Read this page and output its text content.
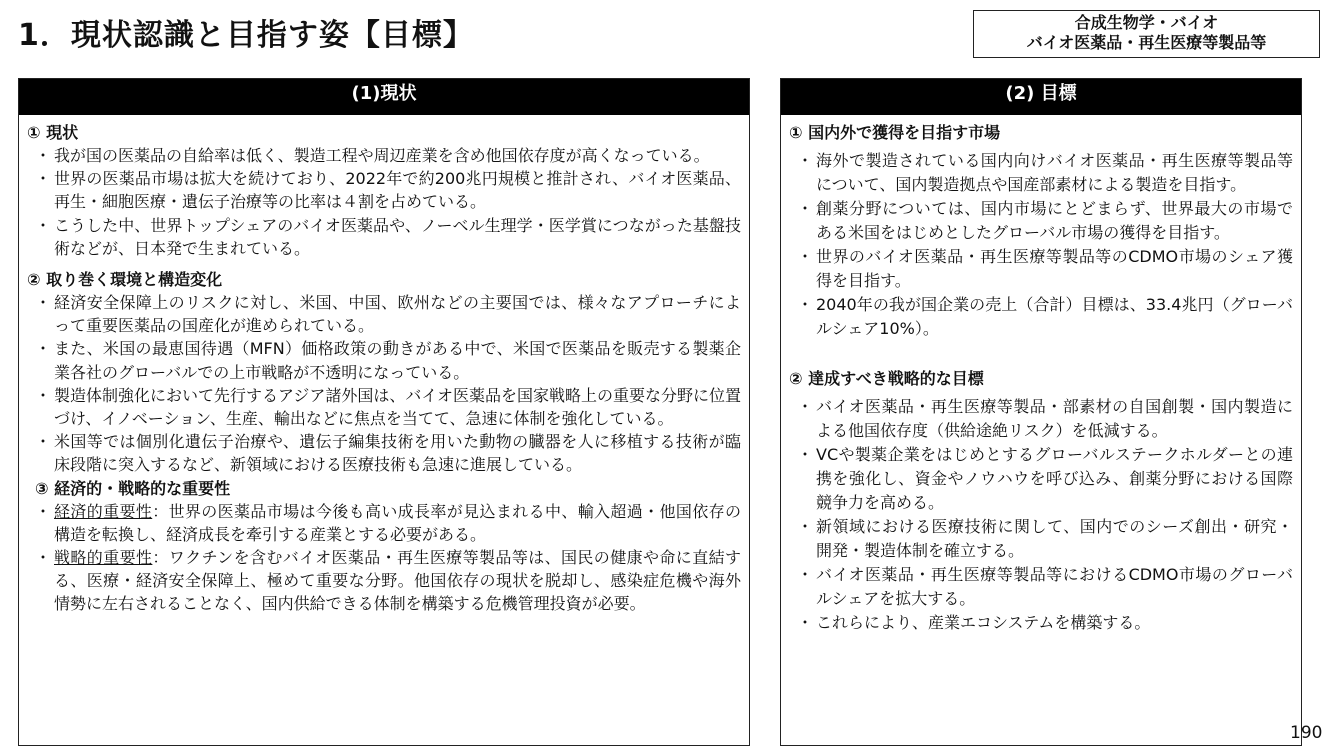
1．現状認識と目指す姿【目標】	合成生物学・バイオ
バイオ医薬品・再生医療等製品等
(1)現状
① 現状
・ 我が国の医薬品の自給率は低く、製造工程や周辺産業を含め他国依存度が高くなっている。
・ 世界の医薬品市場は拡大を続けており、2022年で約200兆円規模と推計され、バイオ医薬品、再生・細胞医療・遺伝子治療等の比率は４割を占めている。
・ こうした中、世界トップシェアのバイオ医薬品や、ノーベル生理学・医学賞につながった基盤技術などが、日本発で生まれている。
② 取り巻く環境と構造変化
・ 経済安全保障上のリスクに対し、米国、中国、欧州などの主要国では、様々なアプローチによって重要医薬品の国産化が進められている。
・ また、米国の最恵国待遇（MFN）価格政策の動きがある中で、米国で医薬品を販売する製薬企業各社のグローバルでの上市戦略が不透明になっている。
・ 製造体制強化において先行するアジア諸外国は、バイオ医薬品を国家戦略上の重要な分野に位置づけ、イノベーション、生産、輸出などに焦点を当てて、急速に体制を強化している。
・ 米国等では個別化遺伝子治療や、遺伝子編集技術を用いた動物の臓器を人に移植する技術が臨床段階に突入するなど、新領域における医療技術も急速に進展している。
③ 経済的・戦略的な重要性
・ 経済的重要性：世界の医薬品市場は今後も高い成長率が見込まれる中、輸入超過・他国依存の構造を転換し、経済成長を牽引する産業とする必要がある。
・ 戦略的重要性：ワクチンを含むバイオ医薬品・再生医療等製品等は、国民の健康や命に直結する、医療・経済安全保障上、極めて重要な分野。他国依存の現状を脱却し、感染症危機や海外情勢に左右されることなく、国内供給できる体制を構築する危機管理投資が必要。
(2) 目標
① 国内外で獲得を目指す市場
・ 海外で製造されている国内向けバイオ医薬品・再生医療等製品等について、国内製造拠点や国産部素材による製造を目指す。
・ 創薬分野については、国内市場にとどまらず、世界最大の市場である米国をはじめとしたグローバル市場の獲得を目指す。
・ 世界のバイオ医薬品・再生医療等製品等のCDMO市場のシェア獲得を目指す。
・ 2040年の我が国企業の売上（合計）目標は、33.4兆円（グローバルシェア10%）。
② 達成すべき戦略的な目標
・ バイオ医薬品・再生医療等製品・部素材の自国創製・国内製造による他国依存度（供給途絶リスク）を低減する。
・ VCや製薬企業をはじめとするグローバルステークホルダーとの連携を強化し、資金やノウハウを呼び込み、創薬分野における国際競争力を高める。
・ 新領域における医療技術に関して、国内でのシーズ創出・研究・開発・製造体制を確立する。
・ バイオ医薬品・再生医療等製品等におけるCDMO市場のグローバルシェアを拡大する。
・ これらにより、産業エコシステムを構築する。
190
